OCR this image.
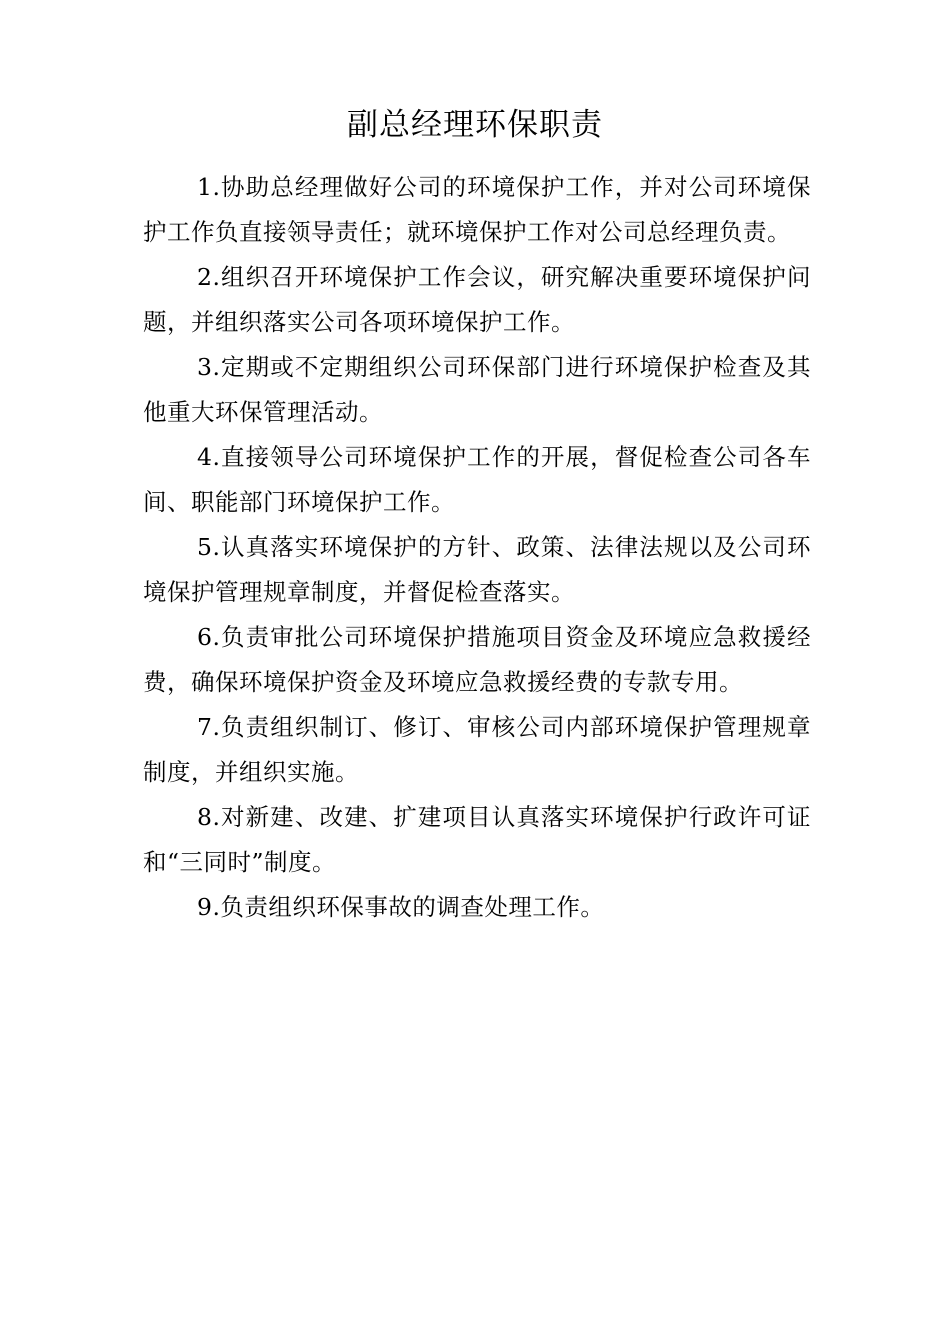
副总经理环保职责

1.协助总经理做好公司的环境保护工作，并对公司环境保护工作负直接领导责任；就环境保护工作对公司总经理负责。

2.组织召开环境保护工作会议，研究解决重要环境保护问题，并组织落实公司各项环境保护工作。

3.定期或不定期组织公司环保部门进行环境保护检查及其他重大环保管理活动。

4.直接领导公司环境保护工作的开展，督促检查公司各车间、职能部门环境保护工作。

5.认真落实环境保护的方针、政策、法律法规以及公司环境保护管理规章制度，并督促检查落实。

6.负责审批公司环境保护措施项目资金及环境应急救援经费，确保环境保护资金及环境应急救援经费的专款专用。

7.负责组织制订、修订、审核公司内部环境保护管理规章制度，并组织实施。

8.对新建、改建、扩建项目认真落实环境保护行政许可证和“三同时”制度。

9.负责组织环保事故的调查处理工作。
